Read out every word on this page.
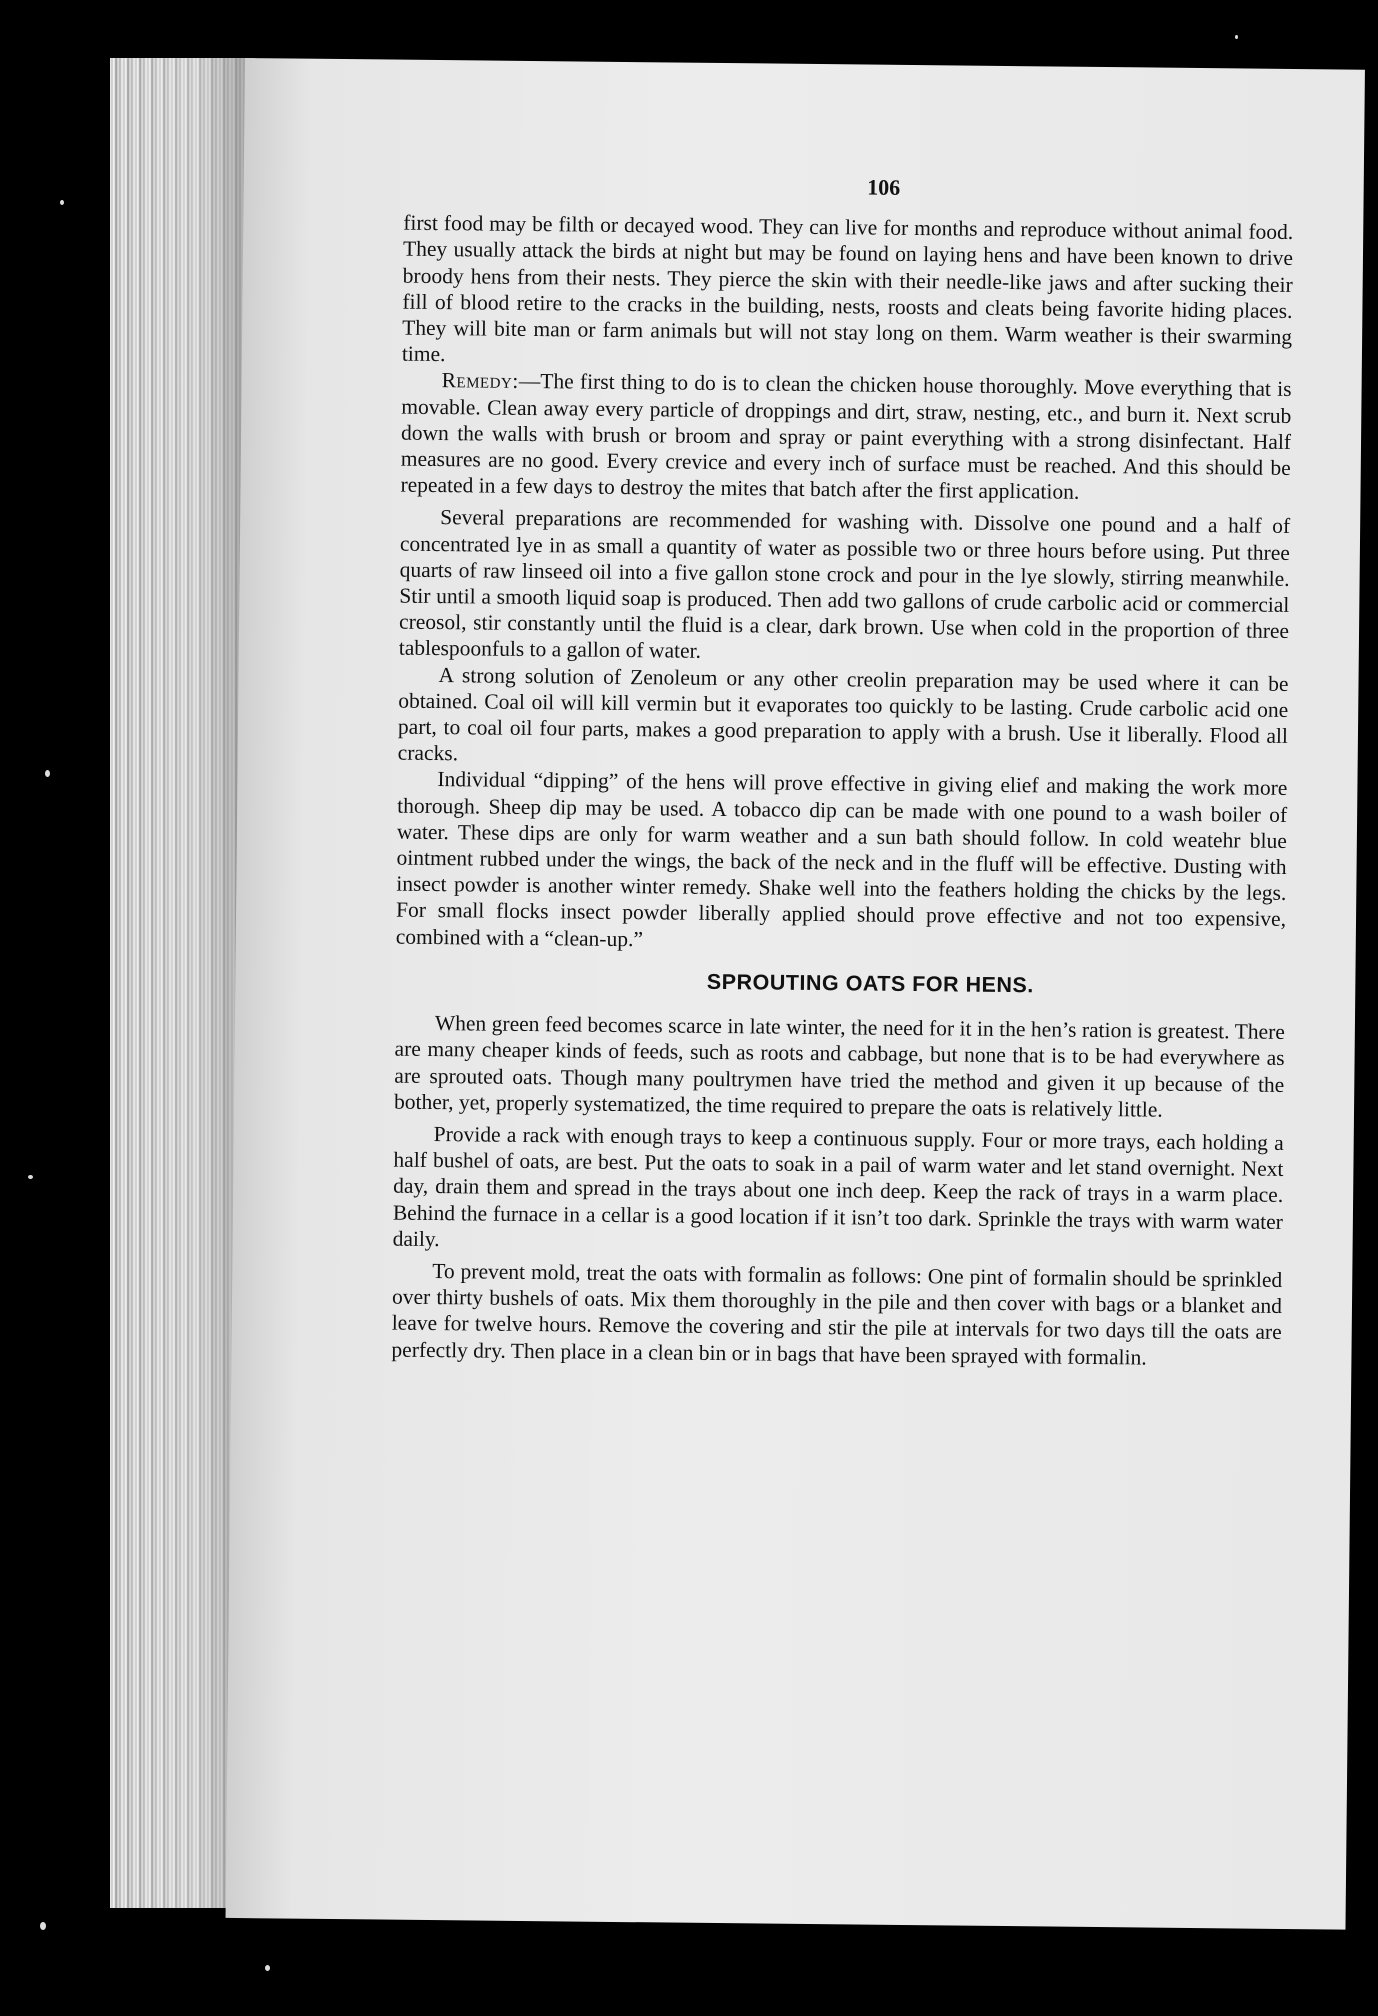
106

first food may be filth or decayed wood. They can live for months and reproduce without animal food. They usually attack the birds at night but may be found on laying hens and have been known to drive broody hens from their nests. They pierce the skin with their needle-like jaws and after sucking their fill of blood retire to the cracks in the building, nests, roosts and cleats being favorite hiding places. They will bite man or farm animals but will not stay long on them. Warm weather is their swarming time.

Remedy:—The first thing to do is to clean the chicken house thoroughly. Move everything that is movable. Clean away every particle of droppings and dirt, straw, nesting, etc., and burn it. Next scrub down the walls with brush or broom and spray or paint everything with a strong disinfectant. Half measures are no good. Every crevice and every inch of surface must be reached. And this should be repeated in a few days to destroy the mites that batch after the first application.

Several preparations are recommended for washing with. Dissolve one pound and a half of concentrated lye in as small a quantity of water as possible two or three hours before using. Put three quarts of raw linseed oil into a five gallon stone crock and pour in the lye slowly, stirring meanwhile. Stir until a smooth liquid soap is produced. Then add two gallons of crude carbolic acid or commercial creosol, stir constantly until the fluid is a clear, dark brown. Use when cold in the proportion of three tablespoonfuls to a gallon of water.

A strong solution of Zenoleum or any other creolin preparation may be used where it can be obtained. Coal oil will kill vermin but it evaporates too quickly to be lasting. Crude carbolic acid one part, to coal oil four parts, makes a good preparation to apply with a brush. Use it liberally. Flood all cracks.

Individual “dipping” of the hens will prove effective in giving elief and making the work more thorough. Sheep dip may be used. A tobacco dip can be made with one pound to a wash boiler of water. These dips are only for warm weather and a sun bath should follow. In cold weatehr blue ointment rubbed under the wings, the back of the neck and in the fluff will be effective. Dusting with insect powder is another winter remedy. Shake well into the feathers holding the chicks by the legs. For small flocks insect powder liberally applied should prove effective and not too expensive, combined with a “clean-up.”

SPROUTING OATS FOR HENS.

When green feed becomes scarce in late winter, the need for it in the hen’s ration is greatest. There are many cheaper kinds of feeds, such as roots and cabbage, but none that is to be had everywhere as are sprouted oats. Though many poultrymen have tried the method and given it up because of the bother, yet, properly systematized, the time required to prepare the oats is relatively little.

Provide a rack with enough trays to keep a continuous supply. Four or more trays, each holding a half bushel of oats, are best. Put the oats to soak in a pail of warm water and let stand overnight. Next day, drain them and spread in the trays about one inch deep. Keep the rack of trays in a warm place. Behind the furnace in a cellar is a good location if it isn’t too dark. Sprinkle the trays with warm water daily.

To prevent mold, treat the oats with formalin as follows: One pint of formalin should be sprinkled over thirty bushels of oats. Mix them thoroughly in the pile and then cover with bags or a blanket and leave for twelve hours. Remove the covering and stir the pile at intervals for two days till the oats are perfectly dry. Then place in a clean bin or in bags that have been sprayed with formalin.
